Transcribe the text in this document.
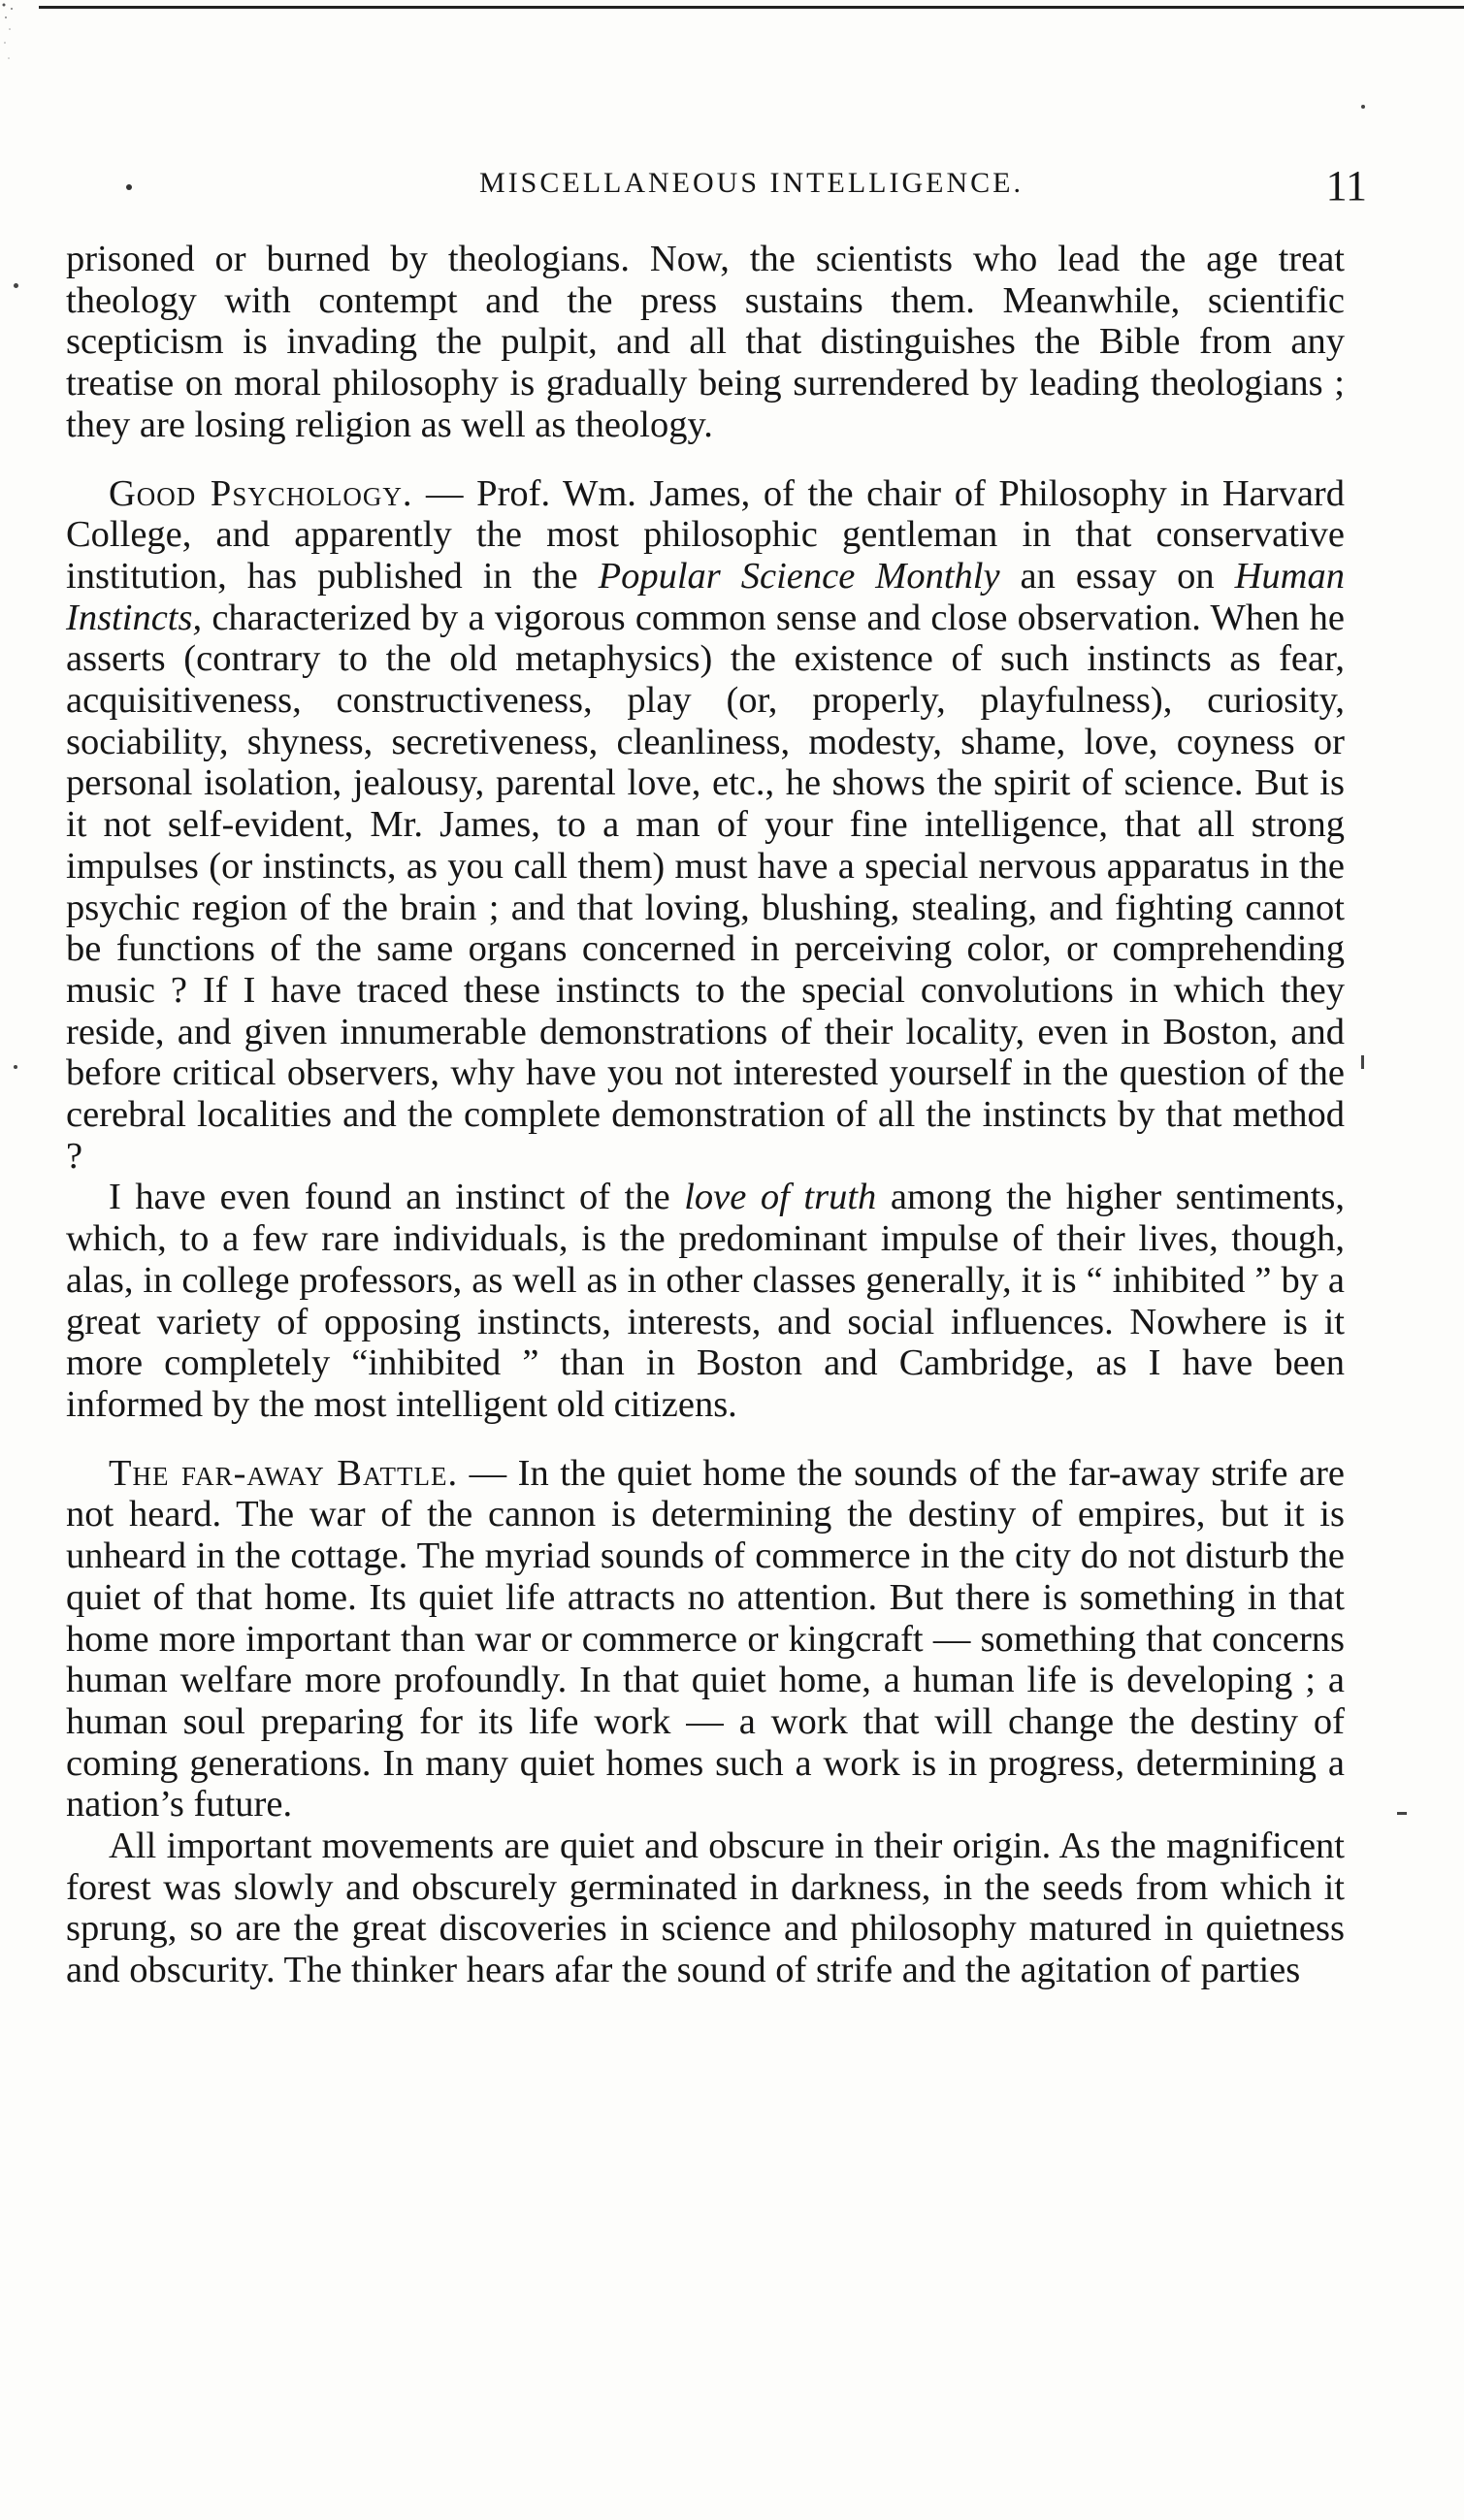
MISCELLANEOUS INTELLIGENCE.	11

prisoned or burned by theologians. Now, the scientists who lead the age treat theology with contempt and the press sustains them. Meanwhile, scientific scepticism is invading the pulpit, and all that distinguishes the Bible from any treatise on moral philosophy is gradually being surrendered by leading theologians ; they are losing religion as well as theology.

Good Psychology. — Prof. Wm. James, of the chair of Philosophy in Harvard College, and apparently the most philosophic gentleman in that conservative institution, has published in the Popular Science Monthly an essay on Human Instincts, characterized by a vigorous common sense and close observation. When he asserts (contrary to the old metaphysics) the existence of such instincts as fear, acquisitiveness, constructiveness, play (or, properly, playfulness), curiosity, sociability, shyness, secretiveness, cleanliness, modesty, shame, love, coyness or personal isolation, jealousy, parental love, etc., he shows the spirit of science. But is it not self-evident, Mr. James, to a man of your fine intelligence, that all strong impulses (or instincts, as you call them) must have a special nervous apparatus in the psychic region of the brain ; and that loving, blushing, stealing, and fighting cannot be functions of the same organs concerned in perceiving color, or comprehending music ? If I have traced these instincts to the special convolutions in which they reside, and given innumerable demonstrations of their locality, even in Boston, and before critical observers, why have you not interested yourself in the question of the cerebral localities and the complete demonstration of all the instincts by that method ?

I have even found an instinct of the love of truth among the higher sentiments, which, to a few rare individuals, is the predominant impulse of their lives, though, alas, in college professors, as well as in other classes generally, it is “ inhibited ” by a great variety of opposing instincts, interests, and social influences. Nowhere is it more completely “inhibited ” than in Boston and Cambridge, as I have been informed by the most intelligent old citizens.

The far-away Battle. — In the quiet home the sounds of the far-away strife are not heard. The war of the cannon is determining the destiny of empires, but it is unheard in the cottage. The myriad sounds of commerce in the city do not disturb the quiet of that home. Its quiet life attracts no attention. But there is something in that home more important than war or commerce or kingcraft — something that concerns human welfare more profoundly. In that quiet home, a human life is developing ; a human soul preparing for its life work — a work that will change the destiny of coming generations. In many quiet homes such a work is in progress, determining a nation’s future.

All important movements are quiet and obscure in their origin. As the magnificent forest was slowly and obscurely germinated in darkness, in the seeds from which it sprung, so are the great discoveries in science and philosophy matured in quietness and obscurity. The thinker hears afar the sound of strife and the agitation of parties
